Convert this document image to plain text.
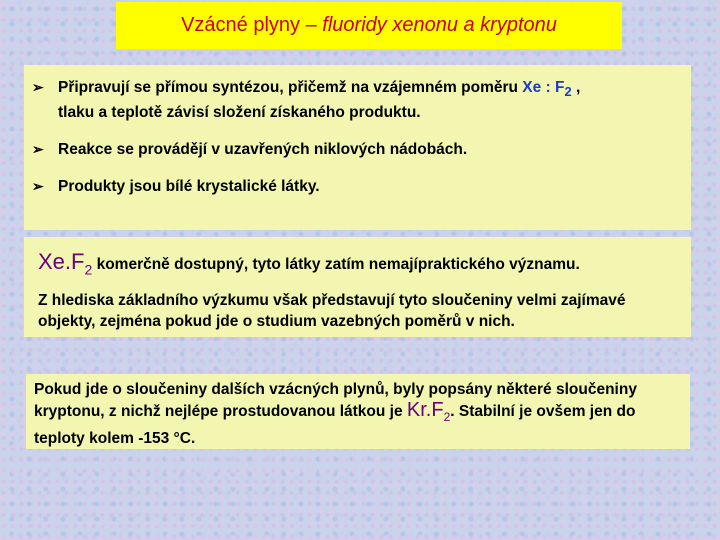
Vzácné plyny – fluoridy xenonu a kryptonu
➢ Připravují se přímou syntézou, přičemž na vzájemném poměru Xe : $F_2$ ,
tlaku a teplotě závisí složení získaného produktu.
➢ Reakce se provádějí v uzavřených niklových nádobách.
➢ Produkty jsou bílé krystalické látky.
$Xe.F_2$ komerčně dostupný, tyto látky zatím nemajípraktického významu.
Z hlediska základního výzkumu však představují tyto sloučeniny velmi zajímavé objekty, zejména pokud jde o studium vazebných poměrů v nich.
Pokud jde o sloučeniny dalších vzácných plynů, byly popsány některé sloučeniny kryptonu, z nichž nejlépe prostudovanou látkou je $Kr.F_2$. Stabilní je ovšem jen do teploty kolem -153 °C.
